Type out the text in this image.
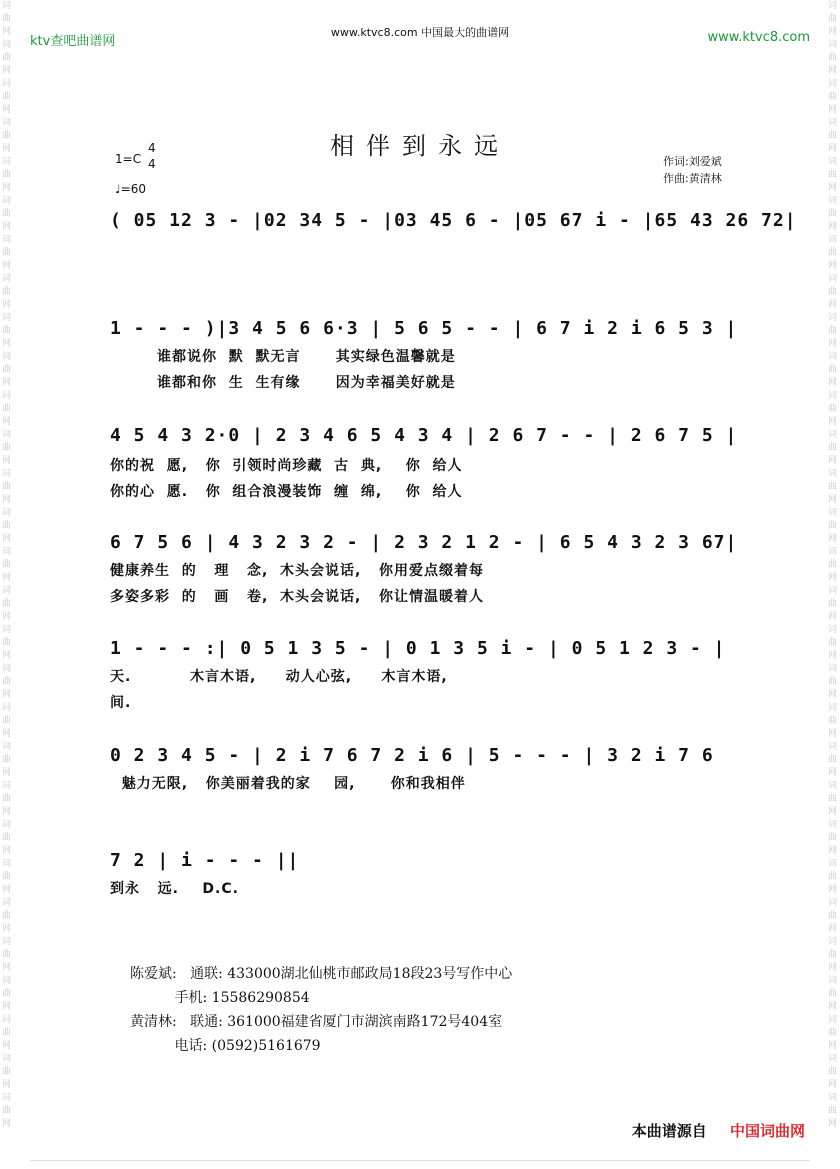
词曲网词曲网词曲网词曲网词曲网词曲网词曲网词曲网词曲网词曲网词曲网词曲网词曲网词曲网词曲网词曲网词曲网词曲网词曲网词曲网词曲网词曲网词曲网词曲网词曲网词曲网词曲网词曲网词曲网
词曲网词曲网词曲网词曲网词曲网词曲网词曲网词曲网词曲网词曲网词曲网词曲网词曲网词曲网词曲网词曲网词曲网词曲网词曲网词曲网词曲网词曲网词曲网词曲网词曲网词曲网词曲网词曲网词曲网
ktv查吧曲谱网
www.ktvc8.com 中国最大的曲谱网	www.ktvc8.com
相伴到永远
1=C
4
4
♩=60
作词:刘爱斌
作曲:黄清林
( 05 12 3 - |02 34 5 - |03 45 6 - |05 67 i - |65 43 26 72|
1 - - - )|3 4 5 6 6·3 | 5 6 5 - - | 6 7 i 2 i 6 5 3 |
谁都说你  默  默无言      其实绿色温馨就是
谁都和你  生  生有缘      因为幸福美好就是
4 5 4 3 2·0 | 2 3 4 6 5 4 3 4 | 2 6 7 - - | 2 6 7 5 |
你的祝  愿,   你  引领时尚珍藏  古  典,    你  给人
你的心  愿.   你  组合浪漫装饰  缠  绵,    你  给人
6 7 5 6 | 4 3 2 3 2 - | 2 3 2 1 2 - | 6 5 4 3 2 3 67|
健康养生  的   理   念,  木头会说话,   你用爱点缀着每
多姿多彩  的   画   卷,  木头会说话,   你让情温暖着人
1 - - - :| 0 5 1 3 5 - | 0 1 3 5 i - | 0 5 1 2 3 - |
天.          木言木语,     动人心弦,     木言木语,
间.
0 2 3 4 5 - | 2 i 7 6 7 2 i 6 | 5 - - - | 3 2 i 7 6
魅力无限,   你美丽着我的家    园,      你和我相伴
7 2 | i - - - ||
到永   远.    D.C.
陈爱斌:   通联: 433000湖北仙桃市邮政局18段23号写作中心
手机: 15586290854
黄清林:   联通: 361000福建省厦门市湖滨南路172号404室
电话: (0592)5161679
本曲谱源自 中国词曲网
